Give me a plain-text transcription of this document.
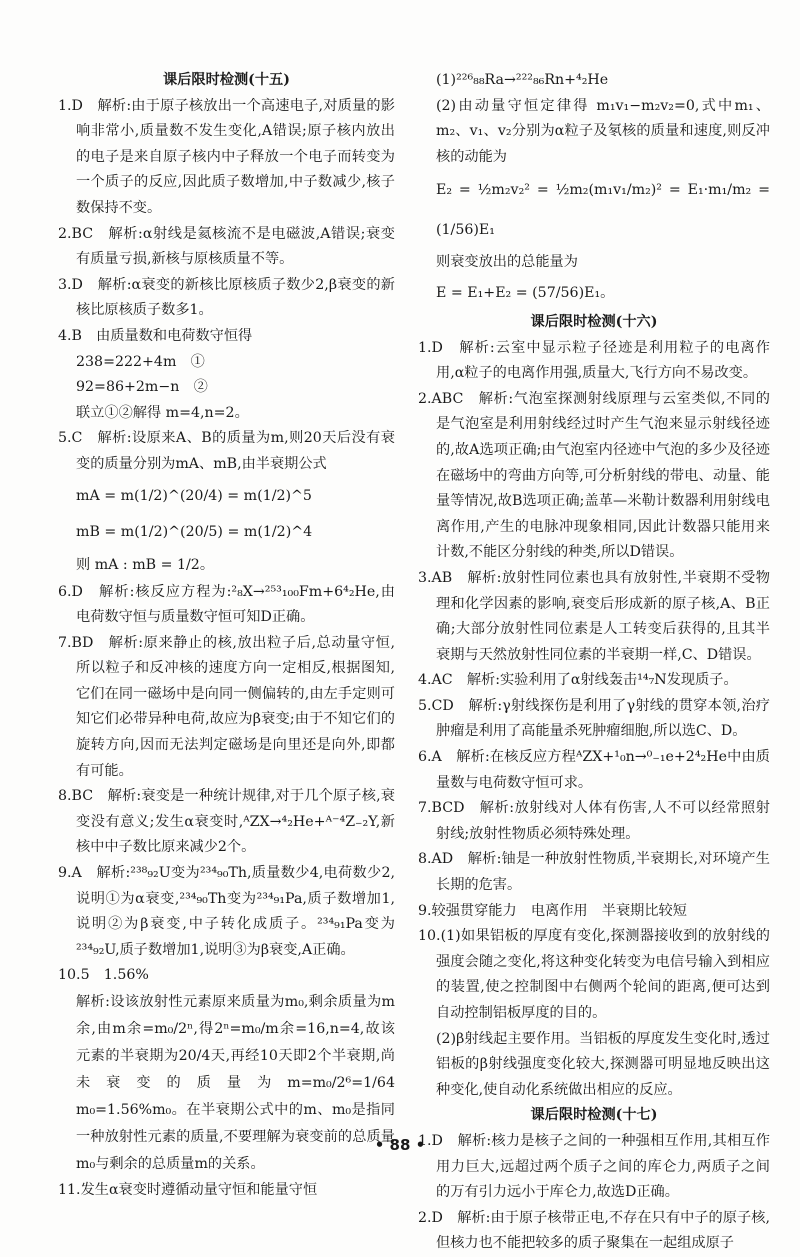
课后限时检测(十五)

1.D　解析:由于原子核放出一个高速电子,对质量的影响非常小,质量数不发生变化,A错误;原子核内放出的电子是来自原子核内中子释放一个电子而转变为一个质子的反应,因此质子数增加,中子数减少,核子数保持不变。

2.BC　解析:α射线是氦核流不是电磁波,A错误;衰变有质量亏损,新核与原核质量不等。

3.D　解析:α衰变的新核比原核质子数少2,β衰变的新核比原核质子数多1。

4.B　由质量数和电荷数守恒得

238=222+4m　①

92=86+2m−n　②

联立①②解得 m=4,n=2。

5.C　解析:设原来A、B的质量为m,则20天后没有衰变的质量分别为mA、mB,由半衰期公式

mA = m(1/2)^(20/4) = m(1/2)^5

mB = m(1/2)^(20/5) = m(1/2)^4

则 mA : mB = 1/2。

6.D　解析:核反应方程为:²₈X→²⁵³₁₀₀Fm+6⁴₂He,由电荷数守恒与质量数守恒可知D正确。

7.BD　解析:原来静止的核,放出粒子后,总动量守恒,所以粒子和反冲核的速度方向一定相反,根据图知,它们在同一磁场中是向同一侧偏转的,由左手定则可知它们必带异种电荷,故应为β衰变;由于不知它们的旋转方向,因而无法判定磁场是向里还是向外,即都有可能。

8.BC　解析:衰变是一种统计规律,对于几个原子核,衰变没有意义;发生α衰变时,ᴬZX→⁴₂He+ᴬ⁻⁴Z₋₂Y,新核中中子数比原来减少2个。

9.A　解析:²³⁸₉₂U变为²³⁴₉₀Th,质量数少4,电荷数少2,说明①为α衰变,²³⁴₉₀Th变为²³⁴₉₁Pa,质子数增加1,说明②为β衰变,中子转化成质子。²³⁴₉₁Pa变为²³⁴₉₂U,质子数增加1,说明③为β衰变,A正确。

10.5　1.56%

解析:设该放射性元素原来质量为m₀,剩余质量为m余,由m余=m₀/2ⁿ,得2ⁿ=m₀/m余=16,n=4,故该元素的半衰期为20/4天,再经10天即2个半衰期,尚未衰变的质量为m=m₀/2⁶=1/64 m₀=1.56%m₀。在半衰期公式中的m、m₀是指同一种放射性元素的质量,不要理解为衰变前的总质量m₀与剩余的总质量m的关系。

11.发生α衰变时遵循动量守恒和能量守恒

(1)²²⁶₈₈Ra→²²²₈₆Rn+⁴₂He

(2)由动量守恒定律得 m₁v₁−m₂v₂=0,式中m₁、m₂、v₁、v₂分别为α粒子及氡核的质量和速度,则反冲核的动能为

E₂ = ½m₂v₂² = ½m₂(m₁v₁/m₂)² = E₁·m₁/m₂ = (1/56)E₁

则衰变放出的总能量为

E = E₁+E₂ = (57/56)E₁。

课后限时检测(十六)

1.D　解析:云室中显示粒子径迹是利用粒子的电离作用,α粒子的电离作用强,质量大,飞行方向不易改变。

2.ABC　解析:气泡室探测射线原理与云室类似,不同的是气泡室是利用射线经过时产生气泡来显示射线径迹的,故A选项正确;由气泡室内径迹中气泡的多少及径迹在磁场中的弯曲方向等,可分析射线的带电、动量、能量等情况,故B选项正确;盖革—米勒计数器利用射线电离作用,产生的电脉冲现象相同,因此计数器只能用来计数,不能区分射线的种类,所以D错误。

3.AB　解析:放射性同位素也具有放射性,半衰期不受物理和化学因素的影响,衰变后形成新的原子核,A、B正确;大部分放射性同位素是人工转变后获得的,且其半衰期与天然放射性同位素的半衰期一样,C、D错误。

4.AC　解析:实验利用了α射线轰击¹⁴₇N发现质子。

5.CD　解析:γ射线探伤是利用了γ射线的贯穿本领,治疗肿瘤是利用了高能量杀死肿瘤细胞,所以选C、D。

6.A　解析:在核反应方程ᴬZX+¹₀n→⁰₋₁e+2⁴₂He中由质量数与电荷数守恒可求。

7.BCD　解析:放射线对人体有伤害,人不可以经常照射射线;放射性物质必须特殊处理。

8.AD　解析:铀是一种放射性物质,半衰期长,对环境产生长期的危害。

9.较强贯穿能力　电离作用　半衰期比较短

10.(1)如果铝板的厚度有变化,探测器接收到的放射线的强度会随之变化,将这种变化转变为电信号输入到相应的装置,使之控制图中右侧两个轮间的距离,便可达到自动控制铝板厚度的目的。

(2)β射线起主要作用。当铝板的厚度发生变化时,透过铝板的β射线强度变化较大,探测器可明显地反映出这种变化,使自动化系统做出相应的反应。

课后限时检测(十七)

1.D　解析:核力是核子之间的一种强相互作用,其相互作用力巨大,远超过两个质子之间的库仑力,两质子之间的万有引力远小于库仑力,故选D正确。

2.D　解析:由于原子核带正电,不存在只有中子的原子核,但核力也不能把较多的质子聚集在一起组成原子

• 88 •
